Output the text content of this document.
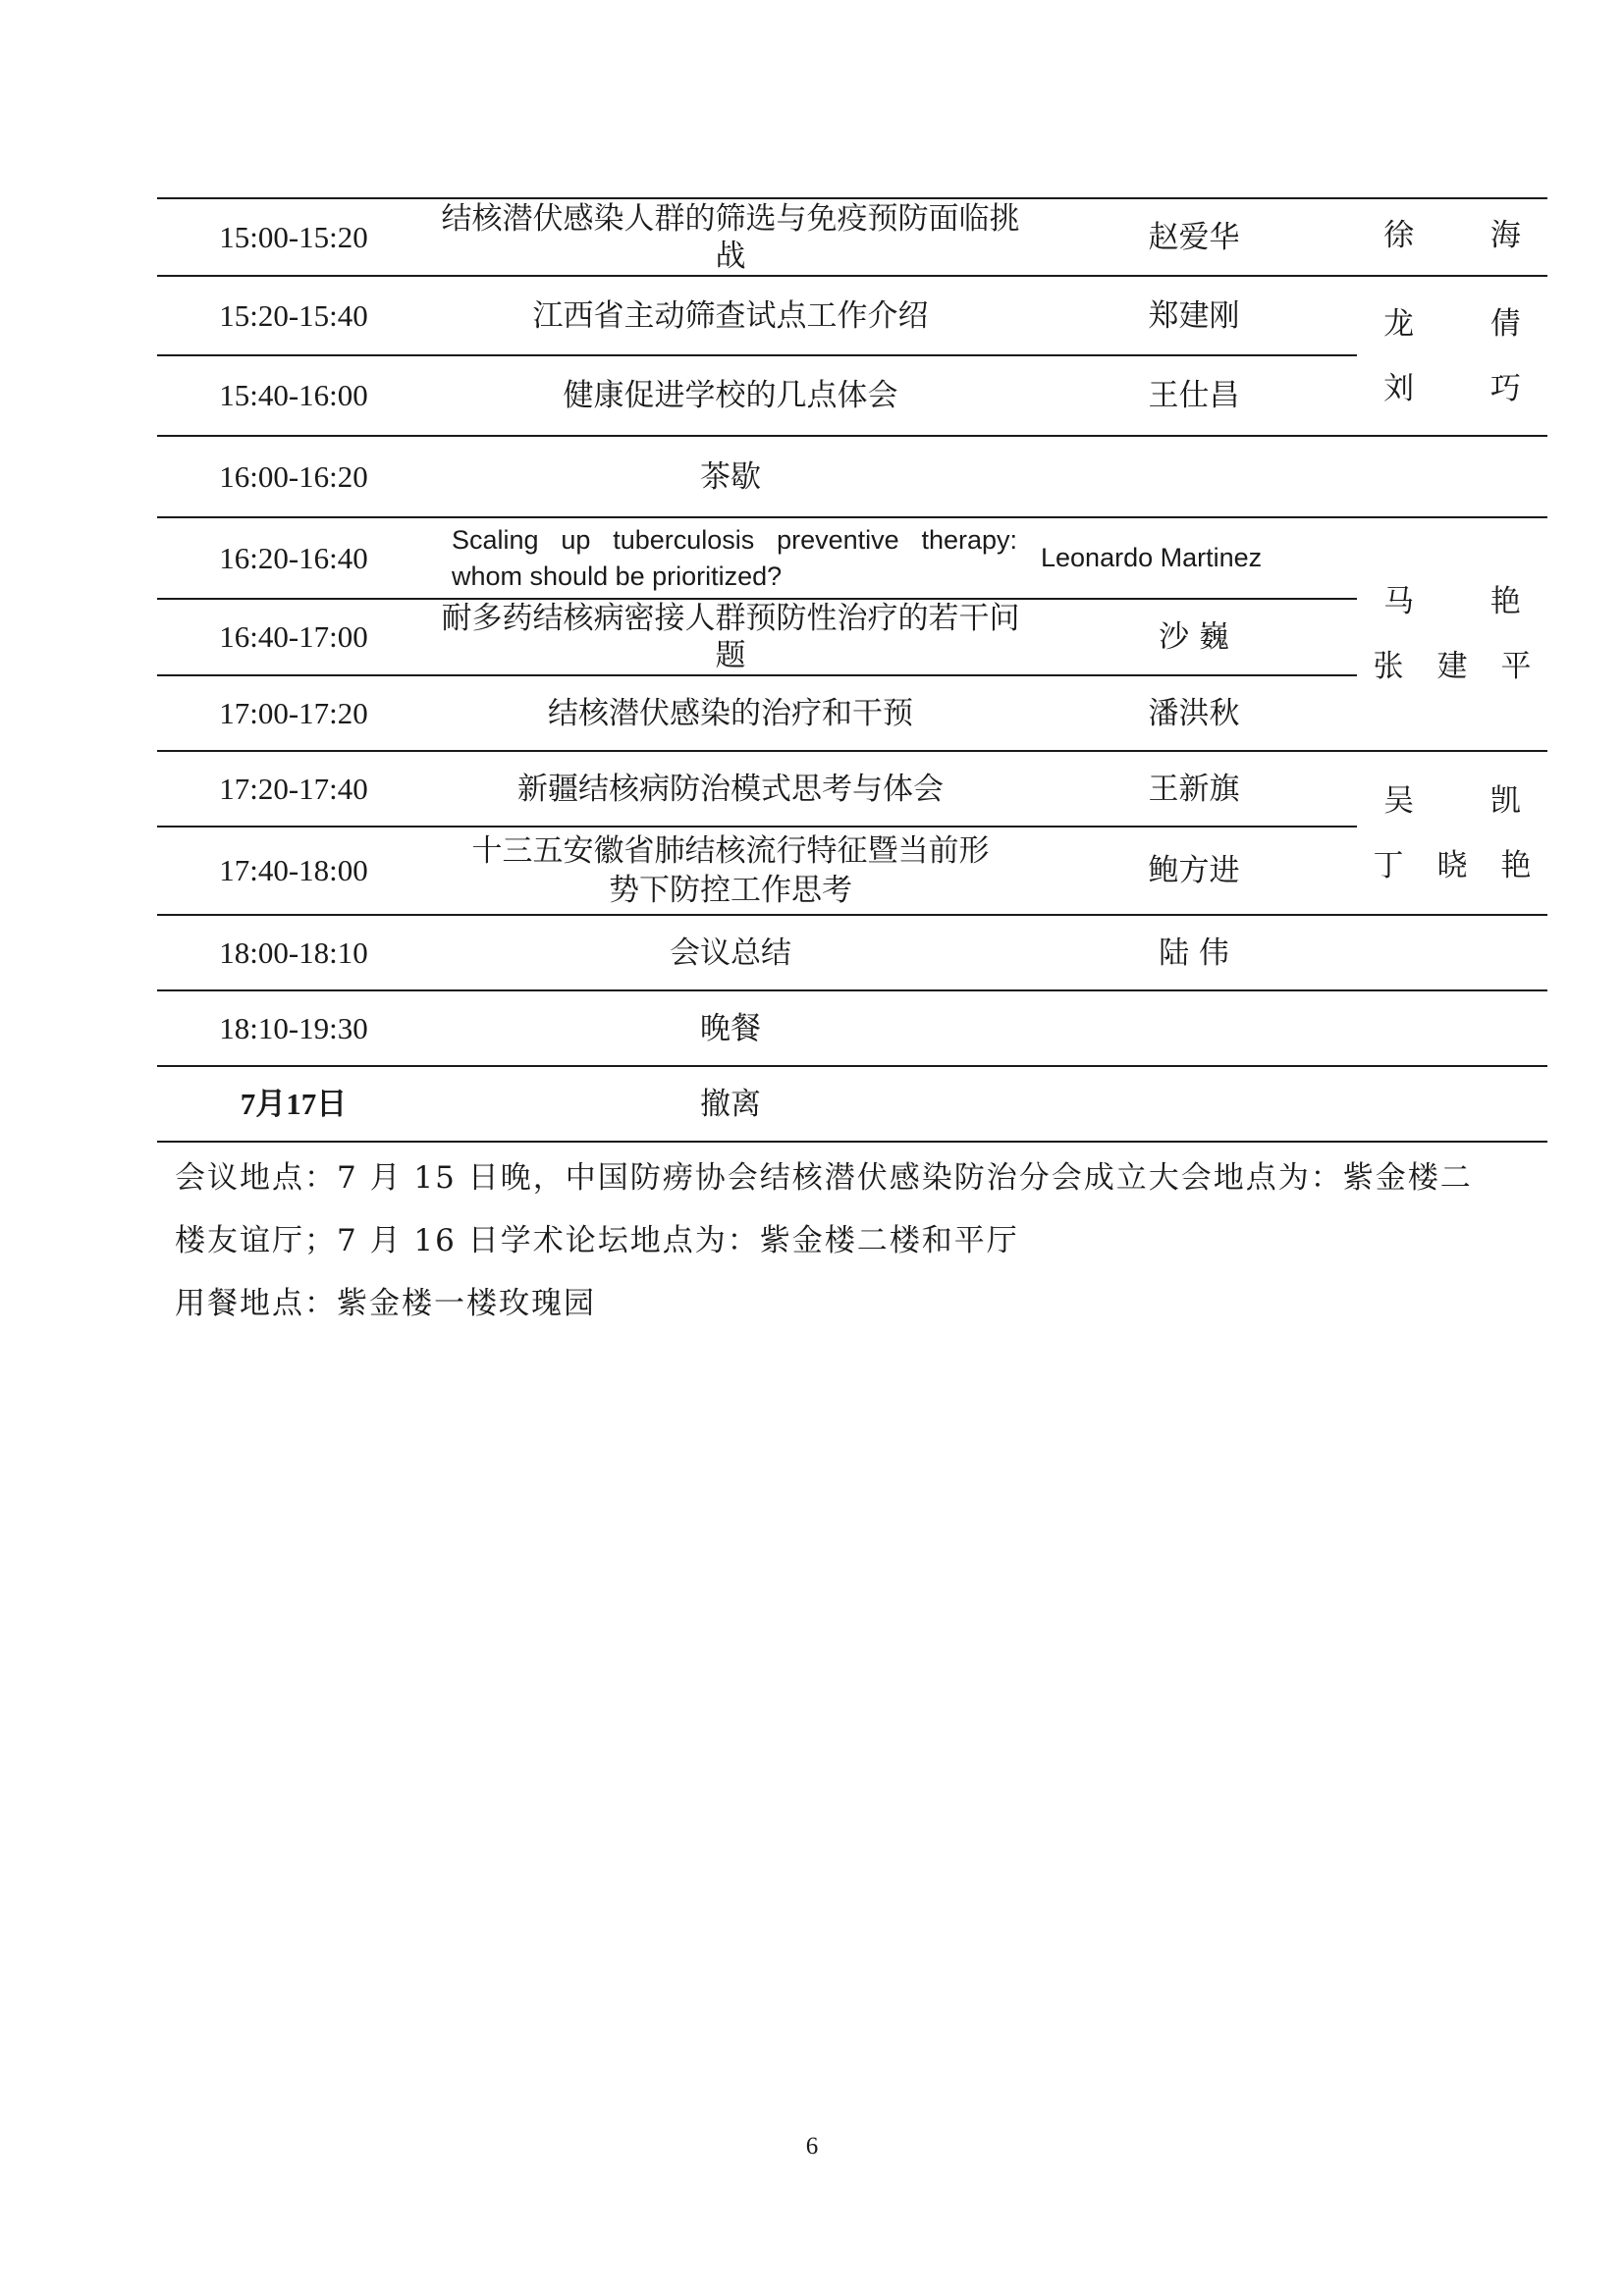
15:00-15:20	结核潜伏感染人群的筛选与免疫预防面临挑战	赵爱华	徐 海

15:20-15:40	江西省主动筛查试点工作介绍	郑建刚	龙 倩
刘 巧

15:40-16:00	健康促进学校的几点体会	王仕昌	
16:00-16:20	茶歇		
16:20-16:40	Scaling up tuberculosis preventive therapy: whom should be prioritized?	Leonardo Martinez	马 艳
张建平

16:40-17:00	耐多药结核病密接人群预防性治疗的若干问题	沙 巍	
17:00-17:20	结核潜伏感染的治疗和干预	潘洪秋	
17:20-17:40	新疆结核病防治模式思考与体会	王新旗	吴 凯
丁晓艳

17:40-18:00	十三五安徽省肺结核流行特征暨当前形势下防控工作思考	鲍方进	
18:00-18:10	会议总结	陆 伟	
18:10-19:30	晚餐		
7月17日	撤离		

会议地点：7 月 15 日晚，中国防痨协会结核潜伏感染防治分会成立大会地点为：紫金楼二

楼友谊厅；7 月 16 日学术论坛地点为：紫金楼二楼和平厅

用餐地点：紫金楼一楼玫瑰园

6
